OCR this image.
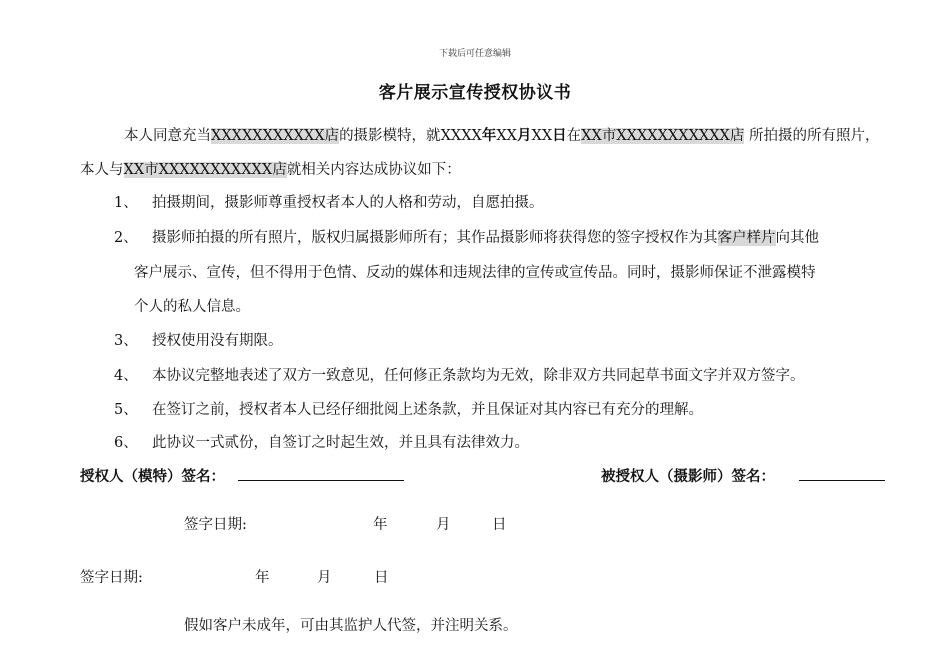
下载后可任意编辑
客片展示宣传授权协议书
本人同意充当XXXXXXXXXXX店的摄影模特，就XXXX年XX月XX日在XX市XXXXXXXXXXX店 所拍摄的所有照片，
本人与XX市XXXXXXXXXXX店就相关内容达成协议如下：
1、 拍摄期间，摄影师尊重授权者本人的人格和劳动，自愿拍摄。
2、 摄影师拍摄的所有照片，版权归属摄影师所有；其作品摄影师将获得您的签字授权作为其客户样片向其他
客户展示、宣传，但不得用于色情、反动的媒体和违规法律的宣传或宣传品。同时，摄影师保证不泄露模特
个人的私人信息。
3、 授权使用没有期限。
4、 本协议完整地表述了双方一致意见，任何修正条款均为无效，除非双方共同起草书面文字并双方签字。
5、 在签订之前，授权者本人已经仔细批阅上述条款，并且保证对其内容已有充分的理解。
6、 此协议一式贰份，自签订之时起生效，并且具有法律效力。
授权人（模特）签名：	被授权人（摄影师）签名：
签字日期:	年	月	日
签字日期:	年	月	日
假如客户未成年，可由其监护人代签，并注明关系。
